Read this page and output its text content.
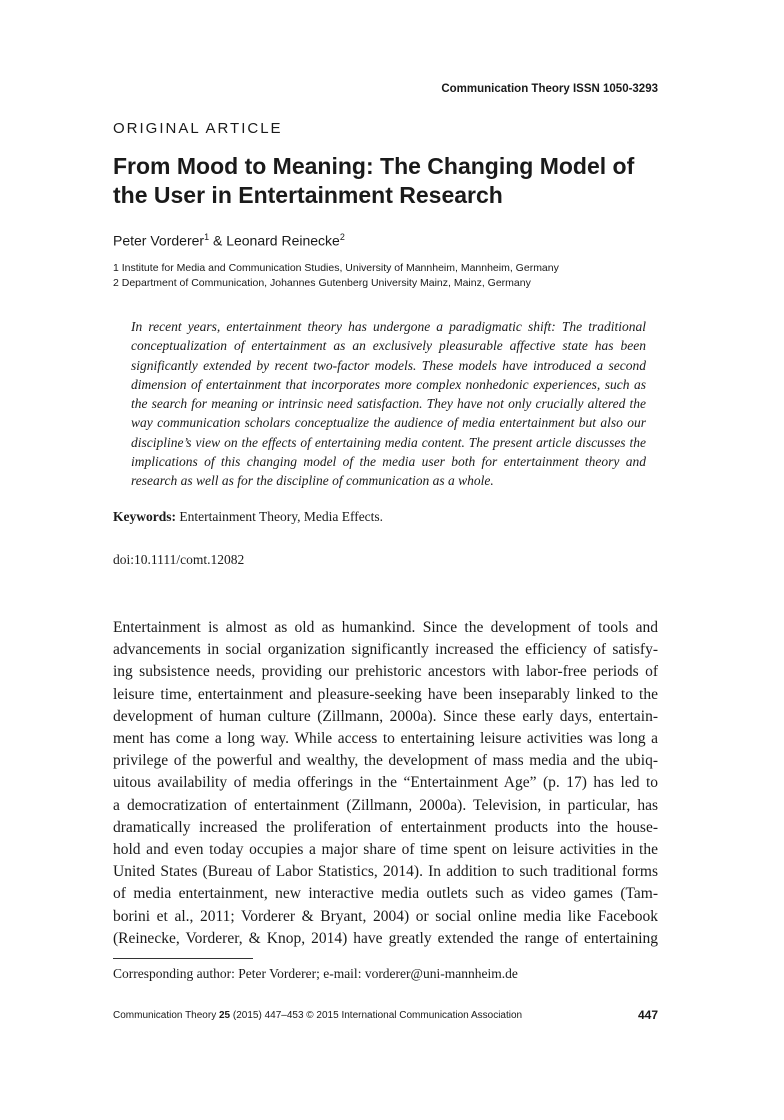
Communication Theory ISSN 1050-3293
ORIGINAL ARTICLE
From Mood to Meaning: The Changing Model of the User in Entertainment Research
Peter Vorderer$^1$ & Leonard Reinecke$^2$
1 Institute for Media and Communication Studies, University of Mannheim, Mannheim, Germany
2 Department of Communication, Johannes Gutenberg University Mainz, Mainz, Germany

In recent years, entertainment theory has undergone a paradigmatic shift: The traditional conceptualization of entertainment as an exclusively pleasurable affective state has been significantly extended by recent two-factor models. These models have introduced a second dimension of entertainment that incorporates more complex nonhedonic experiences, such as the search for meaning or intrinsic need satisfaction. They have not only crucially altered the way communication scholars conceptualize the audience of media entertainment but also our discipline’s view on the effects of entertaining media content. The present article discusses the implications of this changing model of the media user both for entertainment theory and research as well as for the discipline of communication as a whole.

Keywords: Entertainment Theory, Media Effects.
doi:10.1111/comt.12082

Entertainment is almost as old as humankind. Since the development of tools and
advancements in social organization significantly increased the efficiency of satisfy-
ing subsistence needs, providing our prehistoric ancestors with labor-free periods of
leisure time, entertainment and pleasure-seeking have been inseparably linked to the
development of human culture (Zillmann, 2000a). Since these early days, entertain-
ment has come a long way. While access to entertaining leisure activities was long a
privilege of the powerful and wealthy, the development of mass media and the ubiq-
uitous availability of media offerings in the “Entertainment Age” (p. 17) has led to
a democratization of entertainment (Zillmann, 2000a). Television, in particular, has
dramatically increased the proliferation of entertainment products into the house-
hold and even today occupies a major share of time spent on leisure activities in the
United States (Bureau of Labor Statistics, 2014). In addition to such traditional forms
of media entertainment, new interactive media outlets such as video games (Tam-
borini et al., 2011; Vorderer & Bryant, 2004) or social online media like Facebook
(Reinecke, Vorderer, & Knop, 2014) have greatly extended the range of entertaining

Corresponding author: Peter Vorderer; e-mail: vorderer@uni-mannheim.de
Communication Theory 25 (2015) 447–453 © 2015 International Communication Association	447
